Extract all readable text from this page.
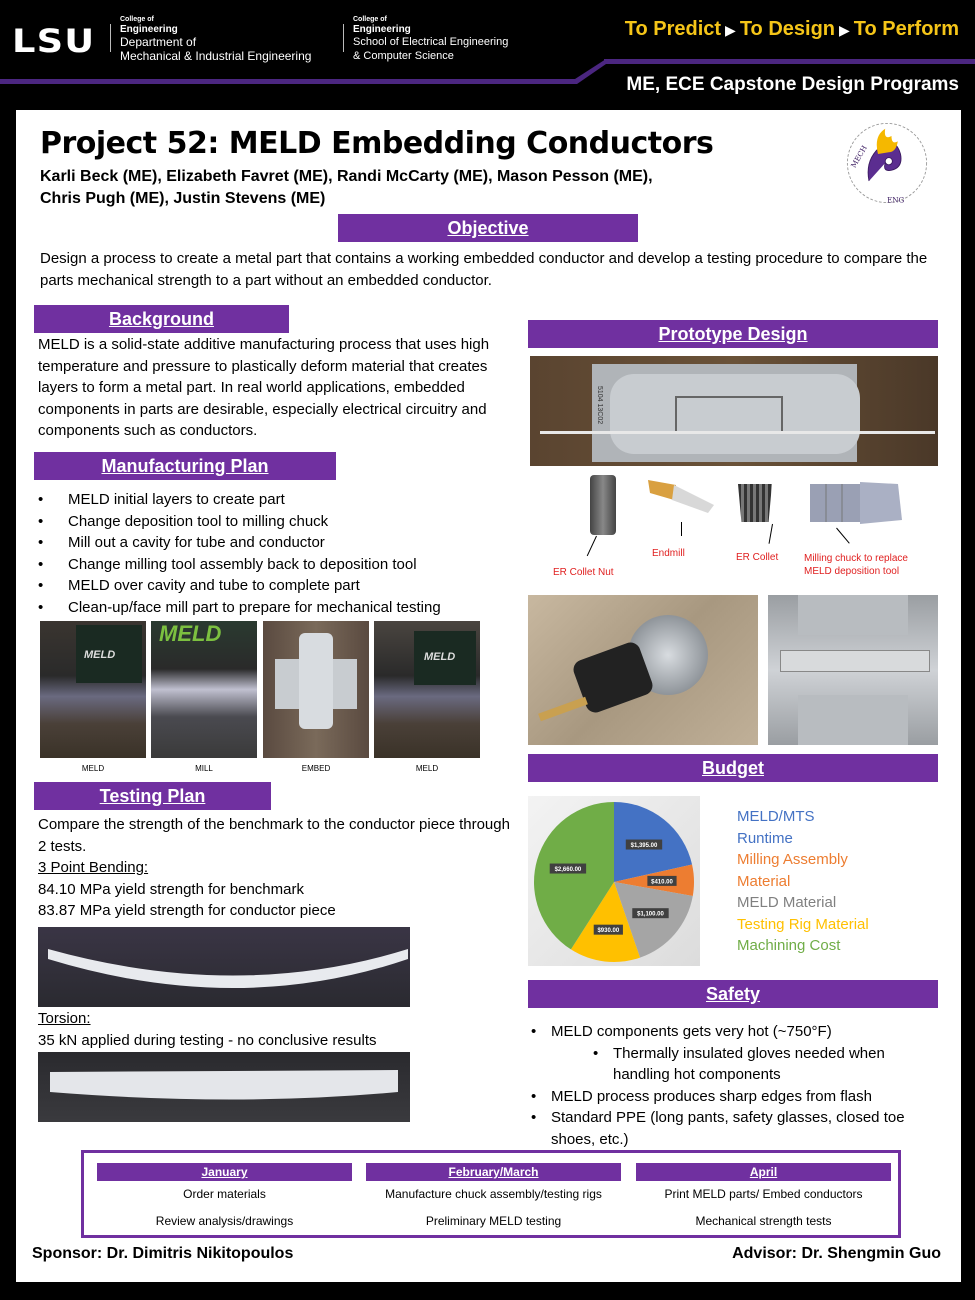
LSU
College of
Engineering
Department of
Mechanical & Industrial Engineering
College of
Engineering
School of Electrical Engineering
& Computer Science
To Predict ▶ To Design ▶ To Perform
ME, ECE Capstone Design Programs
Project 52: MELD Embedding Conductors
Karli Beck (ME), Elizabeth Favret (ME), Randi McCarty (ME), Mason Pesson (ME),
Chris Pugh (ME), Justin Stevens (ME)
MECH
ENG
Objective
Design a process to create a metal part that contains a working embedded conductor and develop a testing procedure to compare the parts mechanical strength to a part without an embedded conductor.
Background
MELD is a solid-state additive manufacturing process that uses high temperature and pressure to plastically deform material that creates layers to form a metal part. In real world applications, embedded components in parts are desirable, especially electrical circuitry and components such as conductors.
Manufacturing Plan
• MELD initial layers to create part
• Change deposition tool to milling chuck
• Mill out a cavity for tube and conductor
• Change milling tool assembly back to deposition tool
• MELD over cavity and tube to complete part
• Clean-up/face mill part to prepare for mechanical testing
MELD
MELD
MELD
MELD	MILL	EMBED	MELD
Testing Plan
Compare the strength of the benchmark to the conductor piece through 2 tests.
3 Point Bending:
84.10 MPa yield strength for benchmark
83.87 MPa yield strength for conductor piece
Torsion:
35 kN applied during testing - no conclusive results
Prototype Design
5104 13C02
ER Collet Nut
Endmill	ER Collet	Milling chuck to replace MELD deposition tool
Budget
$1,395.00
$410.00
$1,100.00
$930.00
$2,660.00
MELD/MTS
Runtime
Milling Assembly
Material
MELD Material
Testing Rig Material
Machining Cost
Safety
• MELD components gets very hot (~750°F)
• Thermally insulated gloves needed when handling hot components
• MELD process produces sharp edges from flash
• Standard PPE (long pants, safety glasses, closed toe shoes, etc.)
January
Order materials
Review analysis/drawings
February/March
Manufacture chuck assembly/testing rigs
Preliminary MELD testing
April
Print MELD parts/ Embed conductors
Mechanical strength tests
Sponsor: Dr. Dimitris Nikitopoulos	Advisor: Dr. Shengmin Guo
